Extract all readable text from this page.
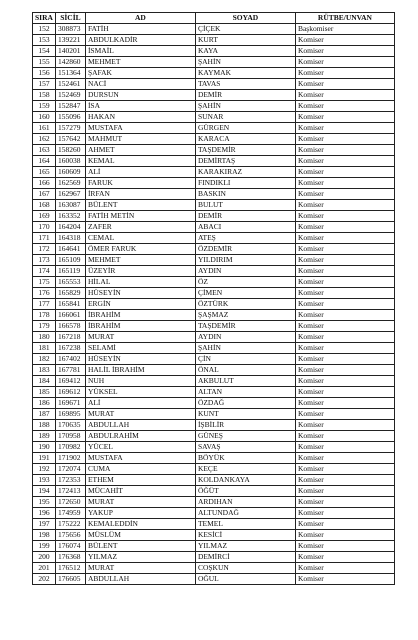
SIRA	SİCİL	AD	SOYAD	RÜTBE/UNVAN
152	308873	FATİH	ÇİÇEK	Başkomiser
153	139221	ABDULKADİR	KURT	Komiser
154	140201	İSMAİL	KAYA	Komiser
155	142860	MEHMET	ŞAHİN	Komiser
156	151364	ŞAFAK	KAYMAK	Komiser
157	152461	NACİ	TAVAS	Komiser
158	152469	DURSUN	DEMİR	Komiser
159	152847	İSA	ŞAHİN	Komiser
160	155096	HAKAN	SUNAR	Komiser
161	157279	MUSTAFA	GÜRGEN	Komiser
162	157642	MAHMUT	KARACA	Komiser
163	158260	AHMET	TAŞDEMİR	Komiser
164	160038	KEMAL	DEMİRTAŞ	Komiser
165	160609	ALİ	KARAKIRAZ	Komiser
166	162569	FARUK	FINDIKLI	Komiser
167	162967	İRFAN	BASKIN	Komiser
168	163087	BÜLENT	BULUT	Komiser
169	163352	FATİH METİN	DEMİR	Komiser
170	164204	ZAFER	ABACI	Komiser
171	164318	CEMAL	ATEŞ	Komiser
172	164641	ÖMER FARUK	ÖZDEMİR	Komiser
173	165109	MEHMET	YILDIRIM	Komiser
174	165119	ÜZEYİR	AYDIN	Komiser
175	165553	HİLAL	ÖZ	Komiser
176	165829	HÜSEYİN	ÇİMEN	Komiser
177	165841	ERGİN	ÖZTÜRK	Komiser
178	166061	İBRAHİM	ŞAŞMAZ	Komiser
179	166578	İBRAHİM	TAŞDEMİR	Komiser
180	167218	MURAT	AYDIN	Komiser
181	167238	SELAMİ	ŞAHİN	Komiser
182	167402	HÜSEYİN	ÇİN	Komiser
183	167781	HALİL İBRAHİM	ÖNAL	Komiser
184	169412	NUH	AKBULUT	Komiser
185	169612	YÜKSEL	ALTAN	Komiser
186	169671	ALİ	ÖZDAĞ	Komiser
187	169895	MURAT	KUNT	Komiser
188	170635	ABDULLAH	İŞBİLİR	Komiser
189	170958	ABDULRAHİM	GÜNEŞ	Komiser
190	170982	YÜCEL	SAVAŞ	Komiser
191	171902	MUSTAFA	BÖYÜK	Komiser
192	172074	CUMA	KEÇE	Komiser
193	172353	ETHEM	KOLDANKAYA	Komiser
194	172413	MÜCAHİT	ÖĞÜT	Komiser
195	172650	MURAT	ARDIHAN	Komiser
196	174959	YAKUP	ALTUNDAĞ	Komiser
197	175222	KEMALEDDİN	TEMEL	Komiser
198	175656	MÜSLÜM	KESİCİ	Komiser
199	176074	BÜLENT	YILMAZ	Komiser
200	176368	YILMAZ	DEMİRCİ	Komiser
201	176512	MURAT	COŞKUN	Komiser
202	176605	ABDULLAH	OĞUL	Komiser
